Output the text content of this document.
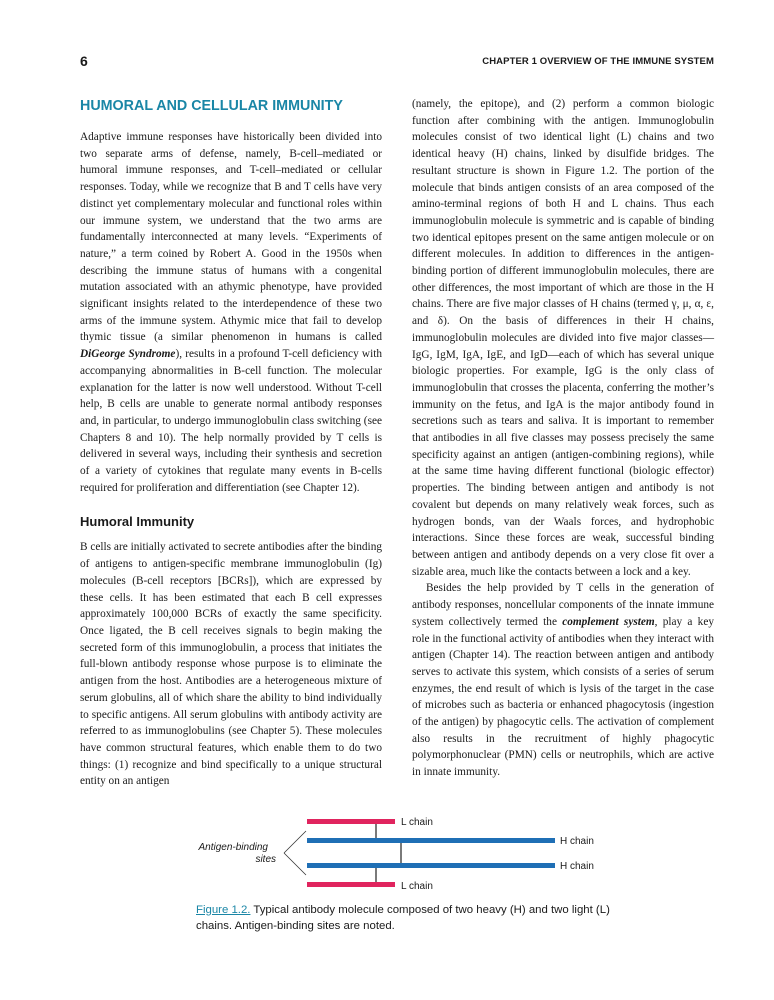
6	CHAPTER 1 OVERVIEW OF THE IMMUNE SYSTEM
HUMORAL AND CELLULAR IMMUNITY

Adaptive immune responses have historically been divided into two separate arms of defense, namely, B-cell–mediated or humoral immune responses, and T-cell–mediated or cellular responses. Today, while we recognize that B and T cells have very distinct yet complementary molecular and functional roles within our immune system, we understand that the two arms are fundamentally interconnected at many levels. “Experiments of nature,” a term coined by Robert A. Good in the 1950s when describing the immune status of humans with a congenital mutation associated with an athymic phenotype, have provided significant insights related to the interdependence of these two arms of the immune system. Athymic mice that fail to develop thymic tissue (a similar phenomenon in humans is called DiGeorge Syndrome), results in a profound T-cell deficiency with accompanying abnormalities in B-cell function. The molecular explanation for the latter is now well understood. Without T-cell help, B cells are unable to generate normal antibody responses and, in particular, to undergo immunoglobulin class switching (see Chapters 8 and 10). The help normally provided by T cells is delivered in several ways, including their synthesis and secretion of a variety of cytokines that regulate many events in B-cells required for proliferation and differentiation (see Chapter 12).

Humoral Immunity

B cells are initially activated to secrete antibodies after the binding of antigens to antigen-specific membrane immunoglobulin (Ig) molecules (B-cell receptors [BCRs]), which are expressed by these cells. It has been estimated that each B cell expresses approximately 100,000 BCRs of exactly the same specificity. Once ligated, the B cell receives signals to begin making the secreted form of this immunoglobulin, a process that initiates the full-blown antibody response whose purpose is to eliminate the antigen from the host. Antibodies are a heterogeneous mixture of serum globulins, all of which share the ability to bind individually to specific antigens. All serum globulins with antibody activity are referred to as immunoglobulins (see Chapter 5). These molecules have common structural features, which enable them to do two things: (1) recognize and bind specifically to a unique structural entity on an antigen

(namely, the epitope), and (2) perform a common biologic function after combining with the antigen. Immunoglobulin molecules consist of two identical light (L) chains and two identical heavy (H) chains, linked by disulfide bridges. The resultant structure is shown in Figure 1.2. The portion of the molecule that binds antigen consists of an area composed of the amino-terminal regions of both H and L chains. Thus each immunoglobulin molecule is symmetric and is capable of binding two identical epitopes present on the same antigen molecule or on different molecules. In addition to differences in the antigen-binding portion of different immunoglobulin molecules, there are other differences, the most important of which are those in the H chains. There are five major classes of H chains (termed γ, μ, α, ε, and δ). On the basis of differences in their H chains, immunoglobulin molecules are divided into five major classes—IgG, IgM, IgA, IgE, and IgD—each of which has several unique biologic properties. For example, IgG is the only class of immunoglobulin that crosses the placenta, conferring the mother’s immunity on the fetus, and IgA is the major antibody found in secretions such as tears and saliva. It is important to remember that antibodies in all five classes may possess precisely the same specificity against an antigen (antigen-combining regions), while at the same time having different functional (biologic effector) properties. The binding between antigen and antibody is not covalent but depends on many relatively weak forces, such as hydrogen bonds, van der Waals forces, and hydrophobic interactions. Since these forces are weak, successful binding between antigen and antibody depends on a very close fit over a sizable area, much like the contacts between a lock and a key.

Besides the help provided by T cells in the generation of antibody responses, noncellular components of the innate immune system collectively termed the complement system, play a key role in the functional activity of antibodies when they interact with antigen (Chapter 14). The reaction between antigen and antibody serves to activate this system, which consists of a series of serum enzymes, the end result of which is lysis of the target in the case of microbes such as bacteria or enhanced phagocytosis (ingestion of the antigen) by phagocytic cells. The activation of complement also results in the recruitment of highly phagocytic polymorphonuclear (PMN) cells or neutrophils, which are active in innate immunity.

Antigen-binding
sites
L chain
H chain
H chain
L chain
Figure 1.2. Typical antibody molecule composed of two heavy (H) and two light (L) chains. Antigen-binding sites are noted.
